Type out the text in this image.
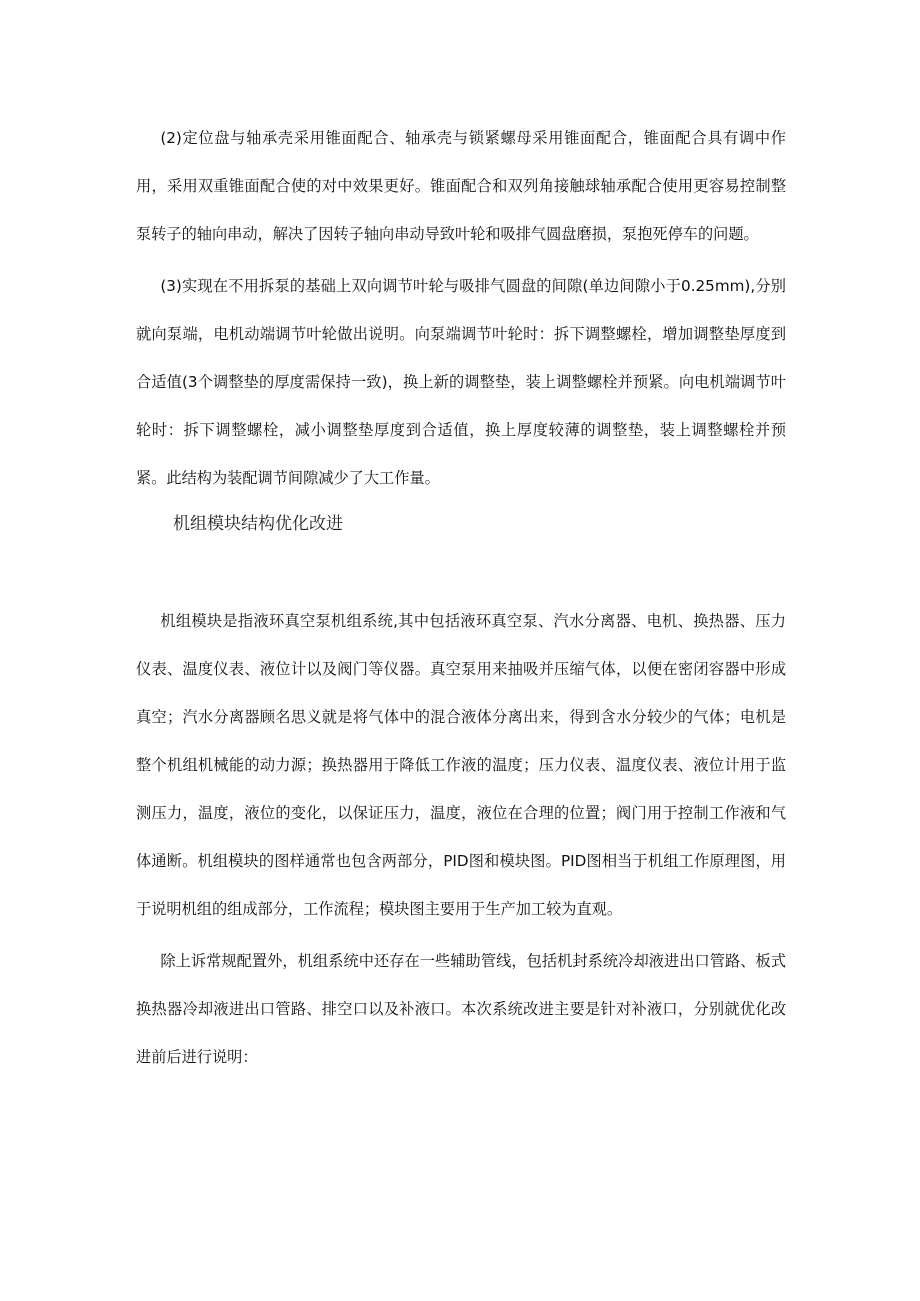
(2)定位盘与轴承壳采用锥面配合、轴承壳与锁紧螺母采用锥面配合，锥面配合具有调中作用，采用双重锥面配合使的对中效果更好。锥面配合和双列角接触球轴承配合使用更容易控制整泵转子的轴向串动，解决了因转子轴向串动导致叶轮和吸排气圆盘磨损，泵抱死停车的问题。

(3)实现在不用拆泵的基础上双向调节叶轮与吸排气圆盘的间隙(单边间隙小于0.25mm),分别就向泵端，电机动端调节叶轮做出说明。向泵端调节叶轮时：拆下调整螺栓，增加调整垫厚度到合适值(3个调整垫的厚度需保持一致)，换上新的调整垫，装上调整螺栓并预紧。向电机端调节叶轮时：拆下调整螺栓，减小调整垫厚度到合适值，换上厚度较薄的调整垫，装上调整螺栓并预紧。此结构为装配调节间隙减少了大工作量。

机组模块结构优化改进

机组模块是指液环真空泵机组系统,其中包括液环真空泵、汽水分离器、电机、换热器、压力仪表、温度仪表、液位计以及阀门等仪器。真空泵用来抽吸并压缩气体，以便在密闭容器中形成真空；汽水分离器顾名思义就是将气体中的混合液体分离出来，得到含水分较少的气体；电机是整个机组机械能的动力源；换热器用于降低工作液的温度；压力仪表、温度仪表、液位计用于监测压力，温度，液位的变化，以保证压力，温度，液位在合理的位置；阀门用于控制工作液和气体通断。机组模块的图样通常也包含两部分，PID图和模块图。PID图相当于机组工作原理图，用于说明机组的组成部分，工作流程；模块图主要用于生产加工较为直观。

除上诉常规配置外，机组系统中还存在一些辅助管线，包括机封系统冷却液进出口管路、板式换热器冷却液进出口管路、排空口以及补液口。本次系统改进主要是针对补液口，分别就优化改进前后进行说明：
